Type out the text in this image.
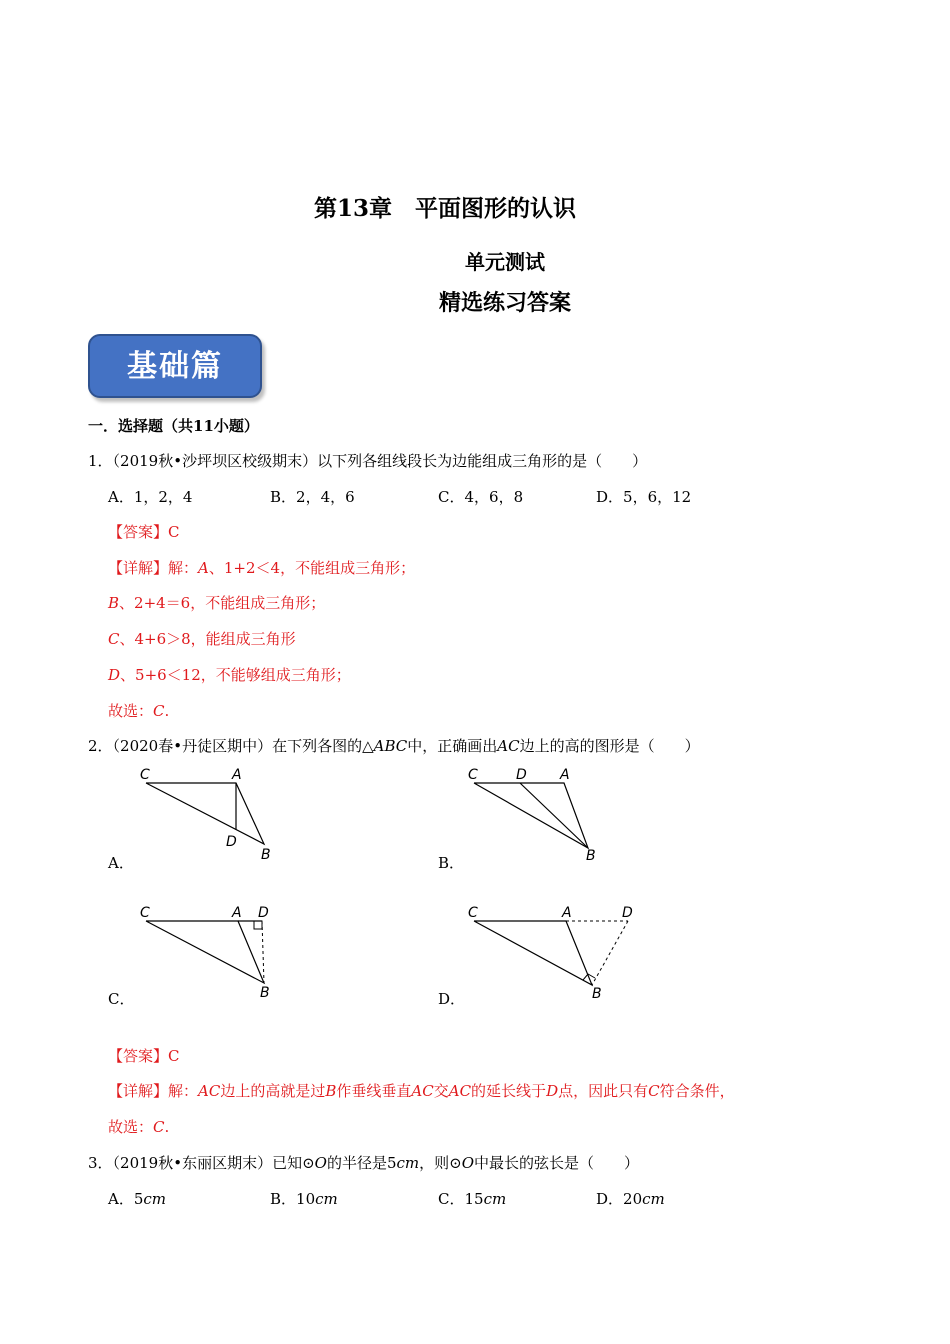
第13章　平面图形的认识
单元测试
精选练习答案
基础篇
一．选择题（共11小题）
1．（2019秋•沙坪坝区校级期末）以下列各组线段长为边能组成三角形的是（　　）
A．1，2，4	B．2，4，6	C．4，6，8	D．5，6，12
【答案】C
【详解】解：A、1+2＜4，不能组成三角形；
B、2+4＝6，不能组成三角形；
C、4+6＞8，能组成三角形
D、5+6＜12，不能够组成三角形；
故选：C.
2．（2020春•丹徒区期中）在下列各图的△ABC中，正确画出AC边上的高的图形是（　　）
C	A
D
B
A．
C	D A
B
B．
C	A D
B
C．
C	A	D
B
D．
【答案】C
【详解】解：AC边上的高就是过B作垂线垂直AC交AC的延长线于D点，因此只有C符合条件，
故选：C.
3．（2019秋•东丽区期末）已知⊙O的半径是5cm，则⊙O中最长的弦长是（　　）
A．5cm	B．10cm	C．15cm	D．20cm
